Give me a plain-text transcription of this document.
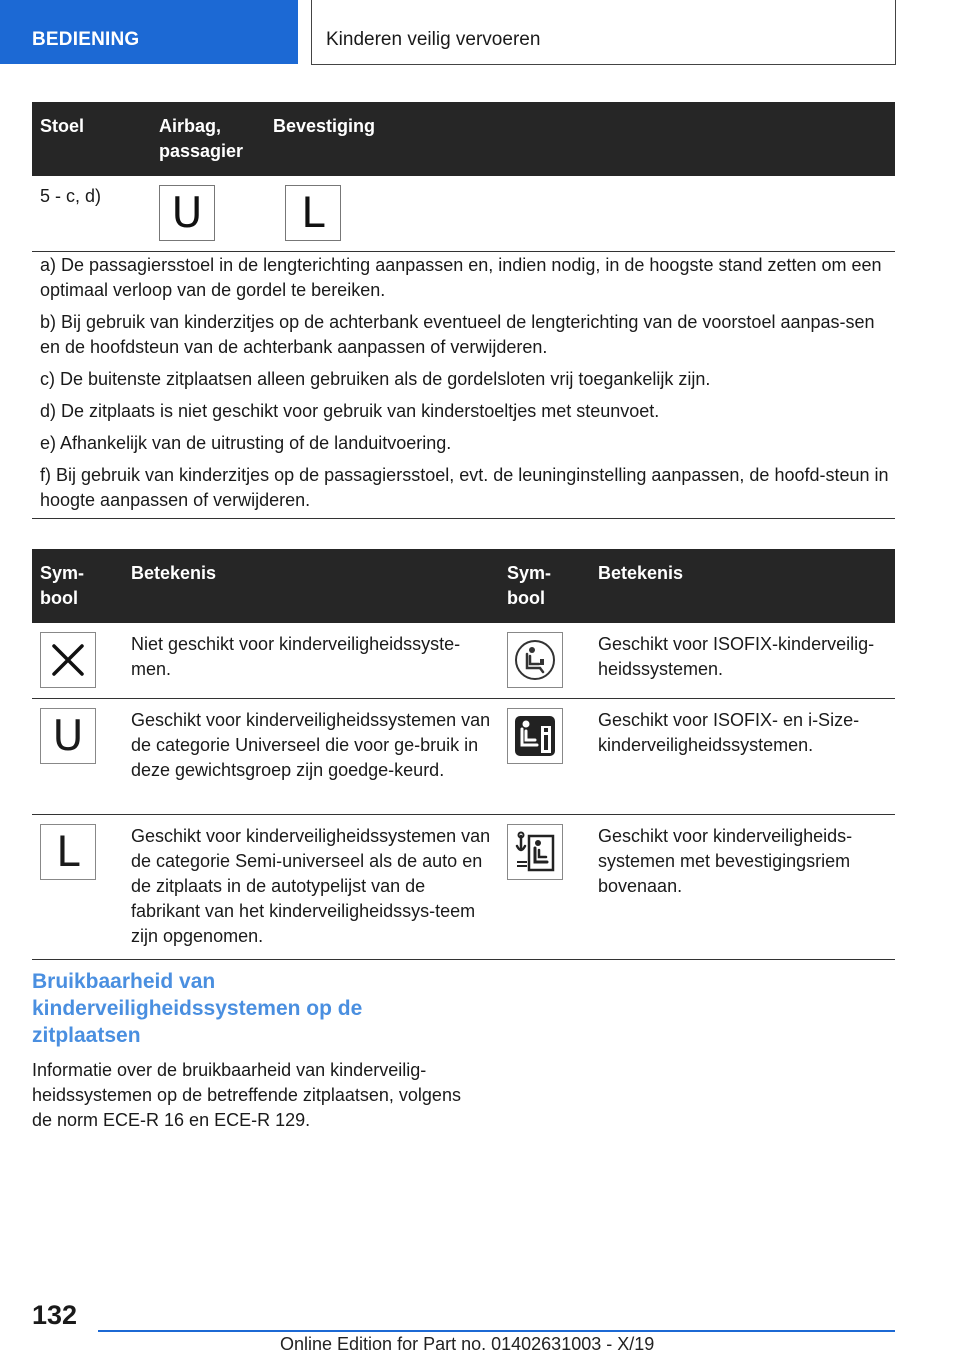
BEDIENING	Kinderen veilig vervoeren
Stoel	Airbag, passagier	Bevestiging
5 - c, d)	U L	

a) De passagiersstoel in de lengterichting aanpassen en, indien nodig, in de hoogste stand zetten om een optimaal verloop van de gordel te bereiken.

b) Bij gebruik van kinderzitjes op de achterbank eventueel de lengterichting van de voorstoel aanpas-sen en de hoofdsteun van de achterbank aanpassen of verwijderen.

c) De buitenste zitplaatsen alleen gebruiken als de gordelsloten vrij toegankelijk zijn.

d) De zitplaats is niet geschikt voor gebruik van kinderstoeltjes met steunvoet.

e) Afhankelijk van de uitrusting of de landuitvoering.

f) Bij gebruik van kinderzitjes op de passagiersstoel, evt. de leuninginstelling aanpassen, de hoofd-steun in hoogte aanpassen of verwijderen.

Sym-bool	Betekenis	Sym-bool	Betekenis

	Niet geschikt voor kinderveiligheidssyste-men.		Geschikt voor ISOFIX-kinderveilig-heidssystemen.

U	Geschikt voor kinderveiligheidssystemen van de categorie Universeel die voor ge-bruik in deze gewichtsgroep zijn goedge-keurd.		Geschikt voor ISOFIX- en i-Size-kinderveiligheidssystemen.

L	Geschikt voor kinderveiligheidssystemen van de categorie Semi-universeel als de auto en de zitplaats in de autotypelijst van de fabrikant van het kinderveiligheidssys-teem zijn opgenomen.		Geschikt voor kinderveiligheids-systemen met bevestigingsriem bovenaan.
Bruikbaarheid van kinderveiligheidssystemen op de zitplaatsen
Informatie over de bruikbaarheid van kinderveilig-heidssystemen op de betreffende zitplaatsen, volgens de norm ECE-R 16 en ECE-R 129.
132
Online Edition for Part no. 01402631003 - X/19
